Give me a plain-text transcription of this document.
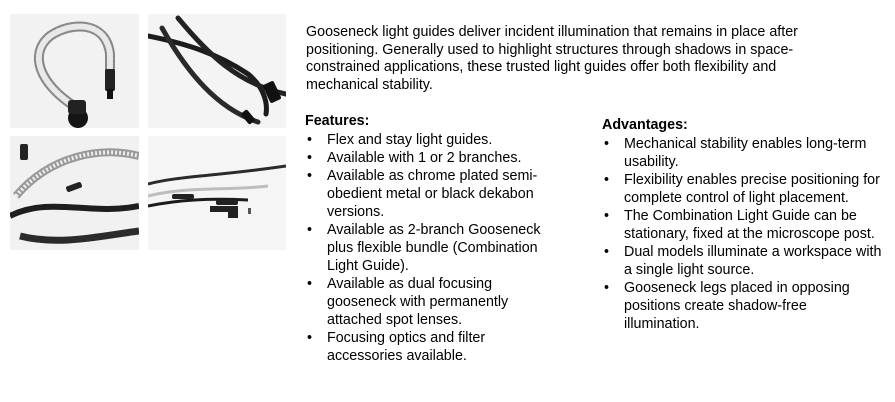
Gooseneck light guides deliver incident illumination that remains in place after positioning. Generally used to highlight structures through shadows in space-constrained applications, these trusted light guides offer both flexibility and mechanical stability.

Features:
• Flex and stay light guides.
• Available with 1 or 2 branches.
• Available as chrome plated semi-obedient metal or black dekabon versions.
• Available as 2-branch Gooseneck plus flexible bundle (Combination Light Guide).
• Available as dual focusing gooseneck with permanently attached spot lenses.
• Focusing optics and filter accessories available.
Advantages:
• Mechanical stability enables long-term usability.
• Flexibility enables precise positioning for complete control of light placement.
• The Combination Light Guide can be stationary, fixed at the microscope post.
• Dual models illuminate a workspace with a single light source.
• Gooseneck legs placed in opposing positions create shadow-free illumination.
